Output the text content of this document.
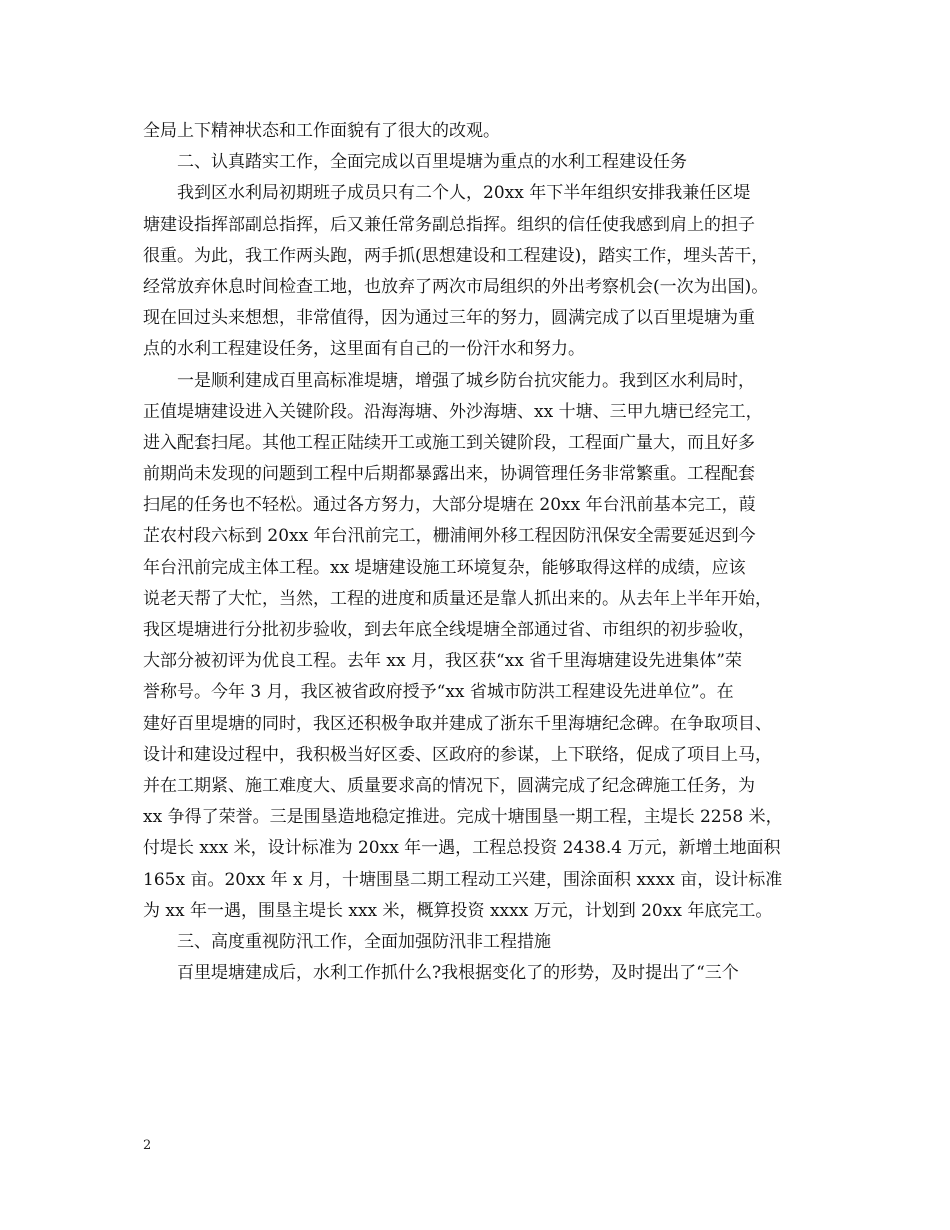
全局上下精神状态和工作面貌有了很大的改观。
二、认真踏实工作，全面完成以百里堤塘为重点的水利工程建设任务
我到区水利局初期班子成员只有二个人，20xx 年下半年组织安排我兼任区堤
塘建设指挥部副总指挥，后又兼任常务副总指挥。组织的信任使我感到肩上的担子
很重。为此，我工作两头跑，两手抓(思想建设和工程建设)，踏实工作，埋头苦干，
经常放弃休息时间检查工地，也放弃了两次市局组织的外出考察机会(一次为出国)。
现在回过头来想想，非常值得，因为通过三年的努力，圆满完成了以百里堤塘为重
点的水利工程建设任务，这里面有自己的一份汗水和努力。
一是顺利建成百里高标准堤塘，增强了城乡防台抗灾能力。我到区水利局时，
正值堤塘建设进入关键阶段。沿海海塘、外沙海塘、xx 十塘、三甲九塘已经完工，
进入配套扫尾。其他工程正陆续开工或施工到关键阶段，工程面广量大，而且好多
前期尚未发现的问题到工程中后期都暴露出来，协调管理任务非常繁重。工程配套
扫尾的任务也不轻松。通过各方努力，大部分堤塘在 20xx 年台汛前基本完工，葭
芷农村段六标到 20xx 年台汛前完工，栅浦闸外移工程因防汛保安全需要延迟到今
年台汛前完成主体工程。xx 堤塘建设施工环境复杂，能够取得这样的成绩，应该
说老天帮了大忙，当然，工程的进度和质量还是靠人抓出来的。从去年上半年开始，
我区堤塘进行分批初步验收，到去年底全线堤塘全部通过省、市组织的初步验收，
大部分被初评为优良工程。去年 xx 月，我区获“xx 省千里海塘建设先进集体”荣
誉称号。今年 3 月，我区被省政府授予“xx 省城市防洪工程建设先进单位”。在
建好百里堤塘的同时，我区还积极争取并建成了浙东千里海塘纪念碑。在争取项目、
设计和建设过程中，我积极当好区委、区政府的参谋，上下联络，促成了项目上马，
并在工期紧、施工难度大、质量要求高的情况下，圆满完成了纪念碑施工任务，为
xx 争得了荣誉。三是围垦造地稳定推进。完成十塘围垦一期工程，主堤长 2258 米，
付堤长 xxx 米，设计标准为 20xx 年一遇，工程总投资 2438.4 万元，新增土地面积
165x 亩。20xx 年 x 月，十塘围垦二期工程动工兴建，围涂面积 xxxx 亩，设计标准
为 xx 年一遇，围垦主堤长 xxx 米，概算投资 xxxx 万元，计划到 20xx 年底完工。
三、高度重视防汛工作，全面加强防汛非工程措施
百里堤塘建成后，水利工作抓什么?我根据变化了的形势，及时提出了“三个
2
